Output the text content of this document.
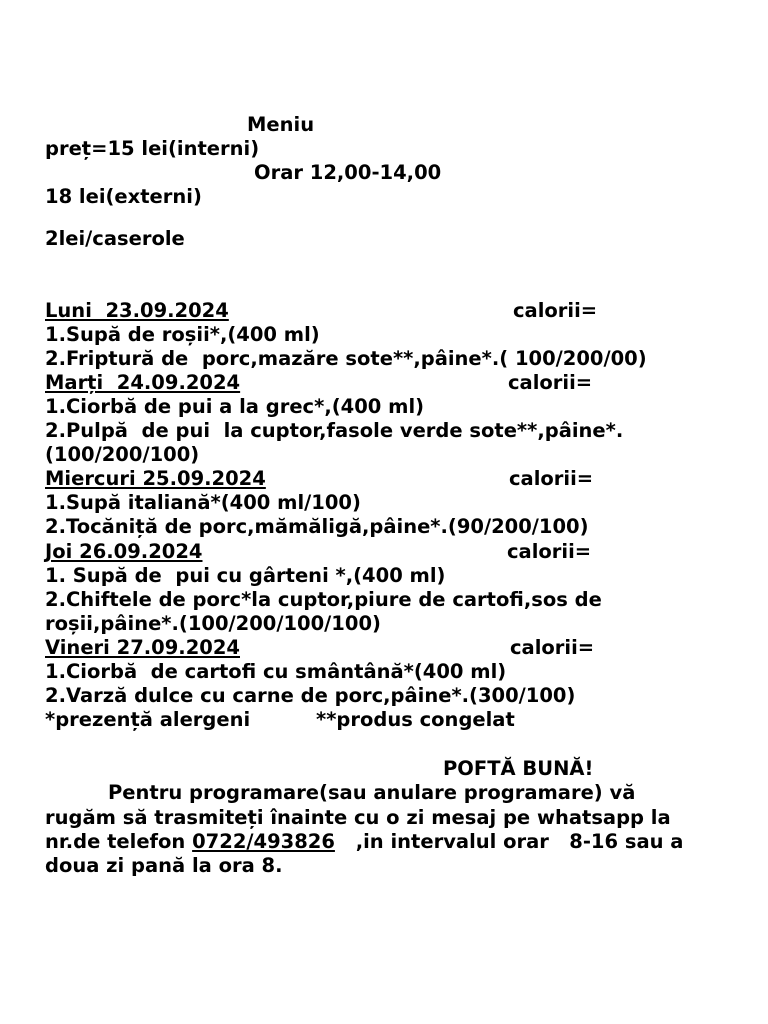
Meniu
preț=15 lei(interni)
Orar 12,00-14,00
18 lei(externi)
2lei/caserole
Luni  23.09.2024	calorii=
1.Supă de roșii*,(400 ml)
2.Friptură de  porc,mazăre sote**,pâine*.( 100/200/00)
Marți  24.09.2024	calorii=
1.Ciorbă de pui a la grec*,(400 ml)
2.Pulpă  de pui  la cuptor,fasole verde sote**,pâine*.
(100/200/100)
Miercuri 25.09.2024	calorii=
1.Supă italiană*(400 ml/100)
2.Tocăniță de porc,mămăligă,pâine*.(90/200/100)
Joi 26.09.2024	calorii=
1. Supă de  pui cu gârteni *,(400 ml)
2.Chiftele de porc*la cuptor,piure de cartofi,sos de
roșii,pâine*.(100/200/100/100)
Vineri 27.09.2024	calorii=
1.Ciorbă  de cartofi cu smântână*(400 ml)
2.Varză dulce cu carne de porc,pâine*.(300/100)
*prezență alergeni	**produs congelat
POFTĂ BUNĂ!
Pentru programare(sau anulare programare) vă
rugăm să trasmiteți înainte cu o zi mesaj pe whatsapp la
nr.de telefon 0722/493826 ,in intervalul orar   8-16 sau a
doua zi pană la ora 8.
